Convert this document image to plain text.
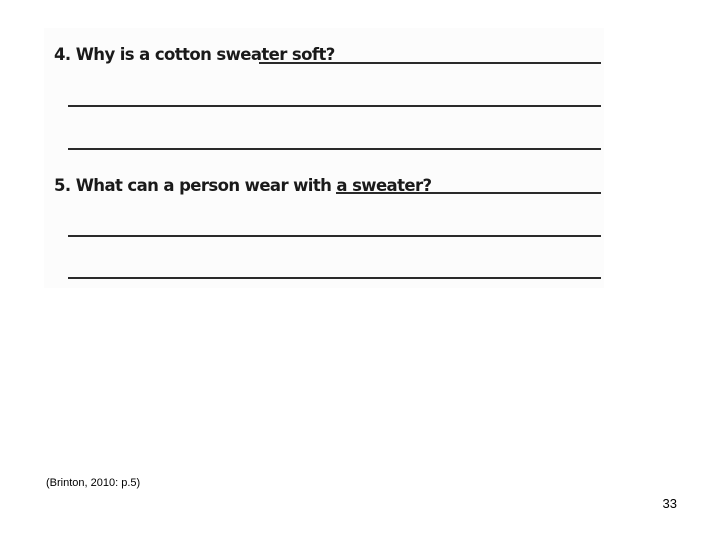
4. Why is a cotton sweater soft?
5. What can a person wear with a sweater?
(Brinton, 2010: p.5)
33
